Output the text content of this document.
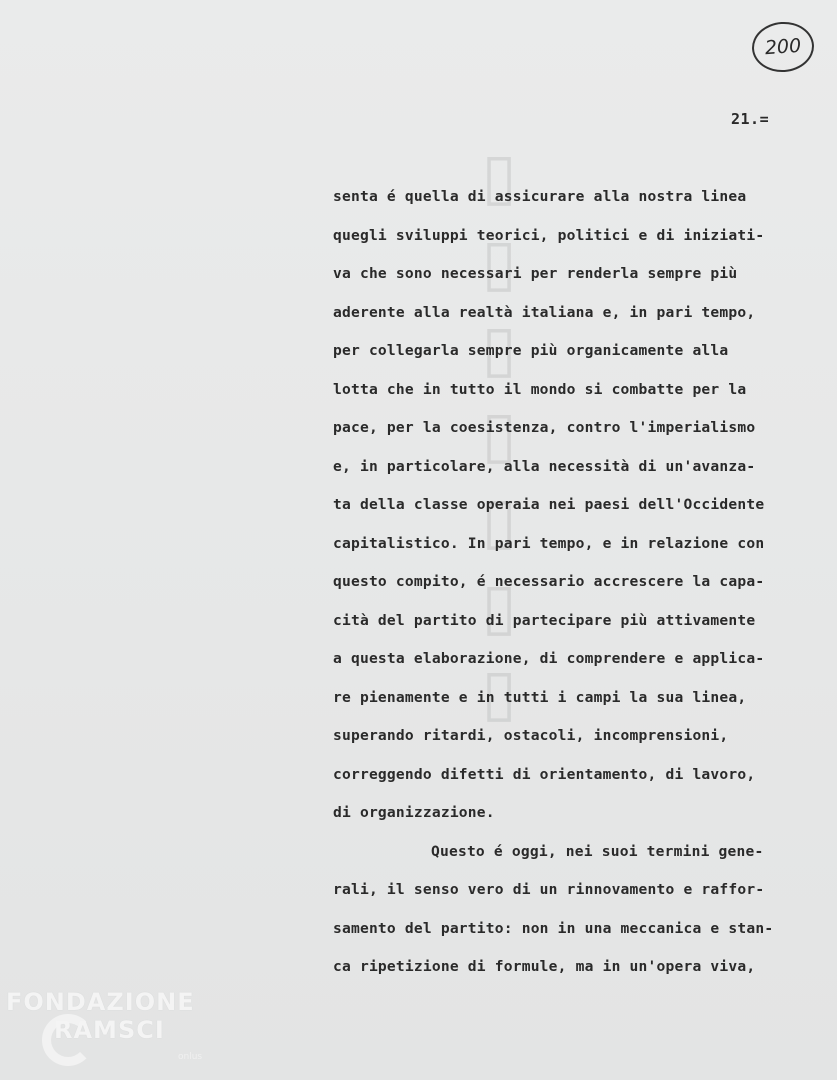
200
21.=
▯▯▯▯▯▯▯
senta é quella di assicurare alla nostra linea
quegli sviluppi teorici, politici e di iniziati-
va che sono necessari per renderla sempre più
aderente alla realtà italiana e, in pari tempo,
per collegarla sempre più organicamente alla
lotta che in tutto il mondo si combatte per la
pace, per la coesistenza, contro l'imperialismo
e, in particolare, alla necessità di un'avanza-
ta della classe operaia nei paesi dell'Occidente
capitalistico. In pari tempo, e in relazione con
questo compito, é necessario accrescere la capa-
cità del partito di partecipare più attivamente
a questa elaborazione, di comprendere e applica-
re pienamente e in tutti i campi la sua linea,
superando ritardi, ostacoli, incomprensioni,
correggendo difetti di orientamento, di lavoro,
di organizzazione.
Questo é oggi, nei suoi termini gene-
rali, il senso vero di un rinnovamento e raffor-
samento del partito: non in una meccanica e stan-
ca ripetizione di formule, ma in un'opera viva,
FONDAZIONE
RAMSCI
onlus
